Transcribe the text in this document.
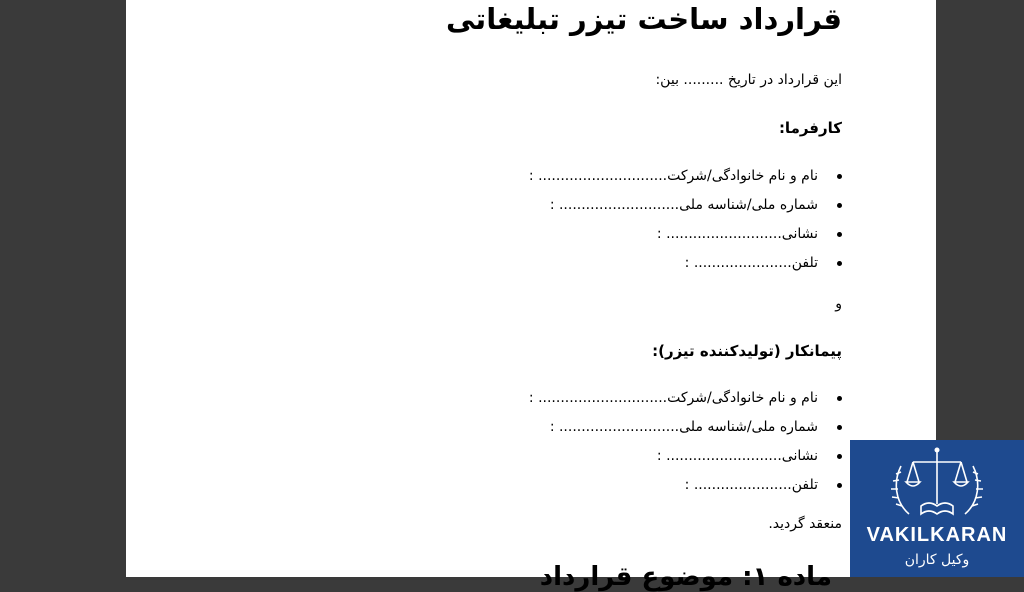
قرارداد ساخت تیزر تبلیغاتی
این قرارداد در تاریخ ......... بین:
کارفرما:
نام و نام خانوادگی/شرکت............................. :
شماره ملی/شناسه ملی........................... :
نشانی.......................... :
تلفن...................... :
و
پیمانکار (تولیدکننده تیزر):
نام و نام خانوادگی/شرکت............................. :
شماره ملی/شناسه ملی........................... :
نشانی.......................... :
تلفن...................... :
منعقد گردید.
ماده ۱: موضوع قرارداد
VAKILKARAN
وکیل کاران
